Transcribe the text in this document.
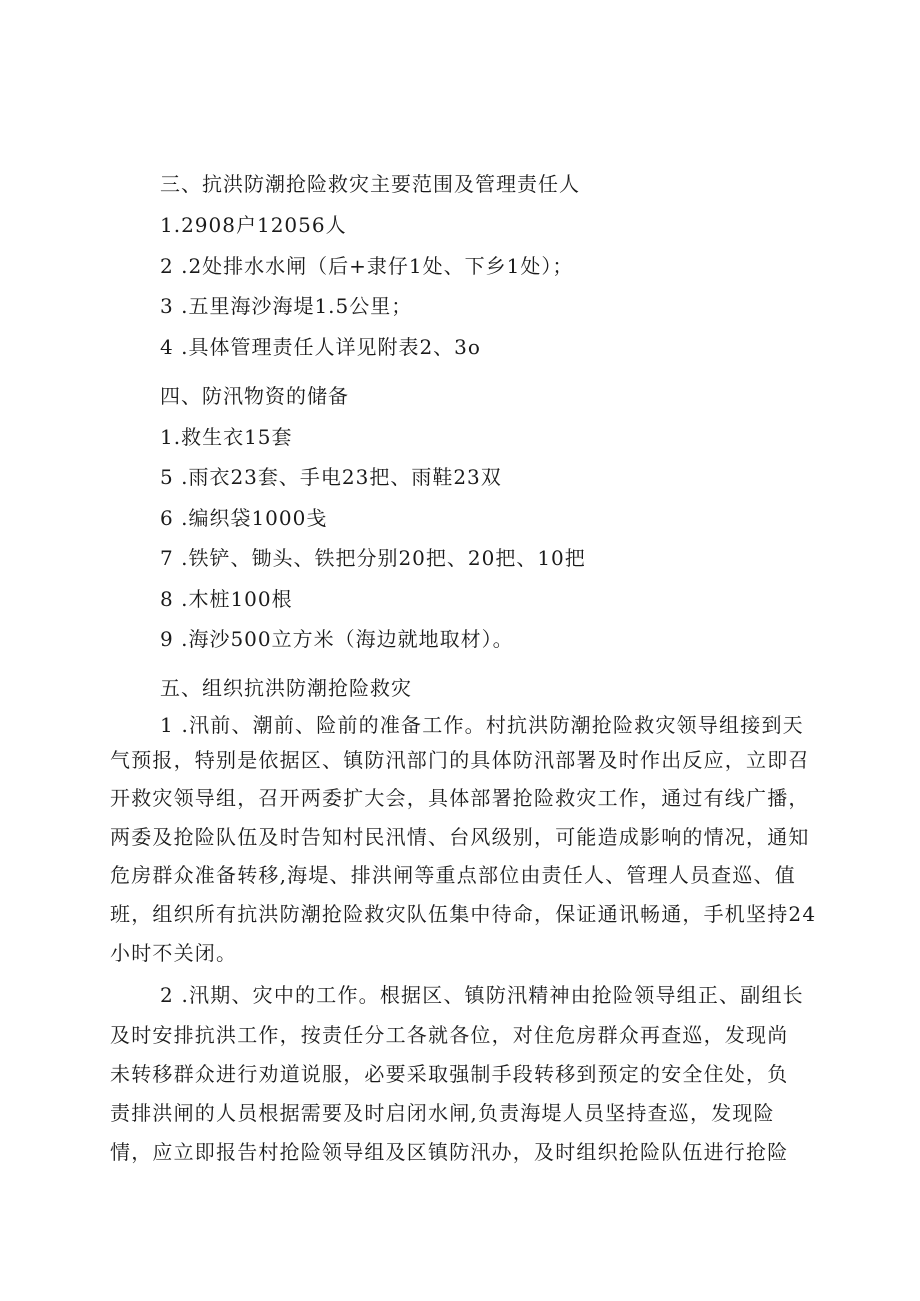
三、抗洪防潮抢险救灾主要范围及管理责任人
1.2908户12056人
2 .2处排水水闸（后+隶仔1处、下乡1处）；
3 .五里海沙海堤1.5公里；
4 .具体管理责任人详见附表2、3o
四、防汛物资的储备
1.救生衣15套
5 .雨衣23套、手电23把、雨鞋23双
6 .编织袋1000戋
7 .铁铲、锄头、铁把分别20把、20把、10把
8 .木桩100根
9 .海沙500立方米（海边就地取材）。
五、组织抗洪防潮抢险救灾
1 .汛前、潮前、险前的准备工作。村抗洪防潮抢险救灾领导组接到天
气预报，特别是依据区、镇防汛部门的具体防汛部署及时作出反应，立即召
开救灾领导组，召开两委扩大会，具体部署抢险救灾工作，通过有线广播，
两委及抢险队伍及时告知村民汛情、台风级别，可能造成影响的情况，通知
危房群众准备转移,海堤、排洪闸等重点部位由责任人、管理人员查巡、值
班，组织所有抗洪防潮抢险救灾队伍集中待命，保证通讯畅通，手机坚持24
小时不关闭。
2 .汛期、灾中的工作。根据区、镇防汛精神由抢险领导组正、副组长
及时安排抗洪工作，按责任分工各就各位，对住危房群众再查巡，发现尚
未转移群众进行劝道说服，必要采取强制手段转移到预定的安全住处，负
责排洪闸的人员根据需要及时启闭水闸,负责海堤人员坚持查巡，发现险
情，应立即报告村抢险领导组及区镇防汛办，及时组织抢险队伍进行抢险
